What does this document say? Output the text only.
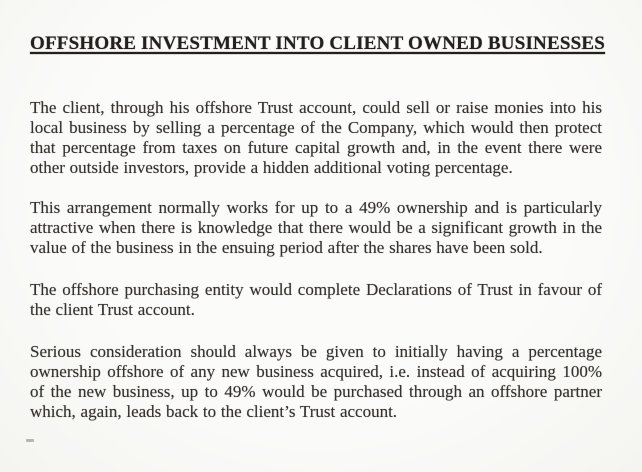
OFFSHORE INVESTMENT INTO CLIENT OWNED BUSINESSES

The client, through his offshore Trust account, could sell or raise monies into his local business by selling a percentage of the Company, which would then protect that percentage from taxes on future capital growth and, in the event there were other outside investors, provide a hidden additional voting percentage.

This arrangement normally works for up to a 49% ownership and is particularly attractive when there is knowledge that there would be a significant growth in the value of the business in the ensuing period after the shares have been sold.

The offshore purchasing entity would complete Declarations of Trust in favour of the client Trust account.

Serious consideration should always be given to initially having a percentage ownership offshore of any new business acquired, i.e. instead of acquiring 100% of the new business, up to 49% would be purchased through an offshore partner which, again, leads back to the client’s Trust account.
